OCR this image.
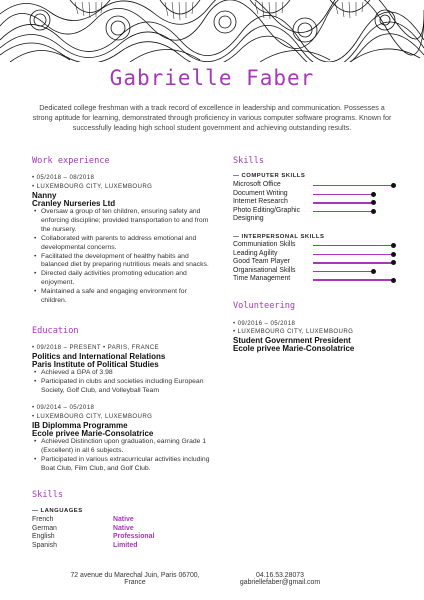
Gabrielle Faber

Dedicated college freshman with a track record of excellence in leadership and communication. Possesses a strong aptitude for learning, demonstrated through proficiency in various computer software programs. Known for successfully leading high school student government and achieving outstanding results.

Work experience
• 05/2018 – 08/2018
• LUXEMBOURG CITY, LUXEMBOURG
Nanny
Cranley Nurseries Ltd
• Oversaw a group of ten children, ensuring safety and enforcing discipline; provided transportation to and from the nursery.
• Collaborated with parents to address emotional and developmental concerns.
• Facilitated the development of healthy habits and balanced diet by preparing nutritious meals and snacks.
• Directed daily activities promoting education and enjoyment.
• Maintained a safe and engaging environment for children.
Education
• 09/2018 – PRESENT • PARIS, FRANCE
Politics and International Relations
Paris Institute of Political Studies
• Achieved a GPA of 3.98
• Participated in clubs and societies including European Society, Golf Club, and Volleyball Team
• 09/2014 – 05/2018
• LUXEMBOURG CITY, LUXEMBOURG
IB Diplomma Programme
Ecole privee Marie-Consolatrice
• Achieved Distinction upon graduation, earning Grade 1 (Excellent) in all 6 subjects.
• Participated in various extracurricular activities including Boat Club, Film Club, and Golf Club.
Skills
— LANGUAGES
French	Native
German	Native
English	Professional
Spanish	Limited
Skills
— COMPUTER SKILLS
Microsoft Office
Document Writing
Internet Research
Photo Editing/Graphic Designing
— INTERPERSONAL SKILLS
Communiation Skills
Leading Agility
Good Team Player
Organisational Skills
Time Management
Volunteering
• 09/2016 – 05/2018
• LUXEMBOURG CITY, LUXEMBOURG
Student Government President
Ecole privee Marie-Consolatrice
72 avenue du Marechal Juin, Paris 06700,
France
04.16.53.28073
gabriellefaber@gmail.com
